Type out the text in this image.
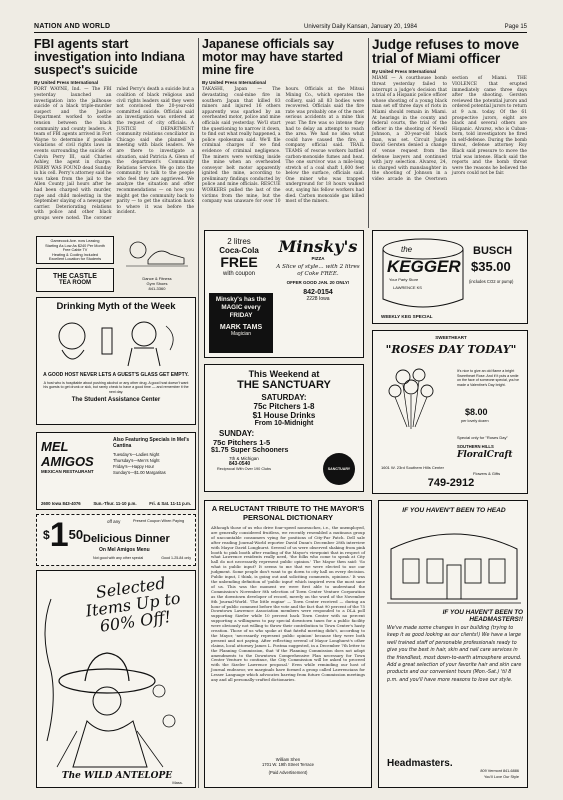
NATION AND WORLD	University Daily Kansan, January 20, 1984	Page 15
FBI agents start investigation into Indiana suspect's suicide
By United Press International
FORT WAYNE, Ind. — The FBI yesterday launched an investigation into the jailhouse suicide of a black triple-murder suspect and the Justice Department worked to soothe tension between the black community and county leaders. A team of FBI agents arrived in Fort Wayne to determine if possible violations of civil rights laws in events surrounding the suicide of Calvin Perry III, said Charles Ashley, the agent in charge. PERRY WAS FOUND dead Sunday in his cell. Perry's attorney said he was taken from the jail to the Allen County jail hours after he had been charged with murder, rape and child molesting in the September slaying of a newspaper carrier. Deteriorating relations with police and other black groups were noted. The coroner ruled Perry's death a suicide but a coalition of black religious and civil rights leaders said they were not convinced the 20-year-old committed suicide. Officials said an investigation was ordered at the request of city officials. A JUSTICE DEPARTMENT community relations conciliator in Chicago said she planned a meeting with black leaders. We are there to investigate a situation, said Patricia A. Glenn of the department's Community Relations Service. We go into the community to talk to the people who feel they are aggrieved. We analyze the situation and offer recommendations — on how you might get the community back to parity — to get the situation back to where it was before the incident.
Japanese officials say motor may have started mine fire
By United Press International
TAKASHI, Japan — The devastating coal-mine fire in southern Japan that killed 83 miners and injured 16 others apparently was sparked by an overheated motor, police and mine officials said yesterday. We'll start the questioning to narrow it down, to find out what really happened, a police spokesman said. We'll file criminal charges if we find evidence of criminal negligence. The miners were working inside the mine when an overheated conveyor belt motor apparently ignited the mine, according to preliminary findings conducted by police and mine officials. RESCUE WORKERS pulled the last of the victims from the mine, but the company was unaware for over 10 hours. Officials at the Mitsui Mining Co., which operates the colliery, said all 83 bodies were recovered. Officials said the fire rate was probably one of the most serious accidents at a mine this year. The fire was so intense they had to delay an attempt to reach the area. We had no idea what could have caused the fire, a company official said. TRAIL TEAMS of rescue workers battled carbon-monoxide fumes and heat. The one survivor was a mile-long stretch of a coal shaft 1,600 feet below the surface, officials said. One miner who was trapped underground for 18 hours walked out, saying his fellow workers had died. Carbon monoxide gas killed most of the miners.
Judge refuses to move trial of Miami officer
By United Press International
MIAMI — A courthouse bomb threat yesterday failed to interrupt a judge's decision that a trial of a Hispanic police officer whose shooting of a young black man set off three days of riots in Miami should remain in Miami. At hearings in the county and federal courts, the trial of the officer in the shooting of Nevell Johnson, a 20-year-old black man, was set. Circuit Judge David Gersten denied a change of venue request from the defense lawyers and continued with jury selection. Alvarez, 24, is charged with manslaughter in the shooting of Johnson in a video arcade in the Overtown section of Miami. THE VIOLENCE that erupted immediately came three days after the shooting. Gersten reviewed the potential jurors and ordered potential jurors to return at 9 a.m. today. Of the 61 prospective jurors, eight are black and several others are Hispanic. Alvarez, who is Cuban-born, told investigators he fired in self-defense. During the bomb threat, defense attorney Roy Black said pressure to move the trial was intense. Black said the reports and the bomb threat were the reasons he believed the jurors could not be fair.
Gamecock Ave. now Leasing
Starting As Low As $240 Per Month
Free Cable TV
Heating & Cooling Included
Excellent Location for Students
Dance & Fitness
Gym Shoes
841-3360
THE CASTLE
TEA ROOM
Drinking Myth of the Week
A GOOD HOST NEVER LETS A GUEST'S GLASS GET EMPTY.
A host who is hospitable about pushing alcohol or any other drug. A good host doesn't want his guests to get drunk or sick, but rarely check to have a good time — and remember it the next day.
The Student Assistance Center
MEL
AMIGOS
MEXICAN RESTAURANT
Also Featuring Specials in Mel's Cantina
Tuesday's—Ladies Night
Thursday's—Men's Night
Friday's—Happy Hour
Sunday's—$1.00 Margaritas
2600 Iowa 843-4076	Sun.-Thur. 11-10 p.m.	Fri. & Sat. 11-11 p.m.
$^{\$}1^{50}$
off any	Present Coupon When Paying
Delicious Dinner
On Mel Amigos Menu
Not good with any other special	Good 1-25-84 only
Selected Items Up to 60% Off!
The WILD ANTELOPE
Mass.
2 litres
Coca-Cola
FREE
with coupon
Minsky's
PIZZA
A Slice of style... with 2 litres of Coke FREE.
OFFER GOOD JAN. 20 ONLY!
842-0154
2228 Iowa
Minsky's has the MAGIC every FRIDAY
MARK TAMS
Magician
This Weekend at
THE SANCTUARY
SATURDAY:
75c Pitchers 1-8
$1 House Drinks
From 10-Midnight
SUNDAY:
75c Pitchers 1-5
$1.75 Super Schooners
7th & Michigan
843-0540
Reciprocal With Over 190 Clubs	SANCTUARY
A RELUCTANT TRIBUTE TO THE MAYOR'S PERSONAL DICTIONARY
Although those of us who drive four-speed nonesuches, i.e., the unemployed, are generally considered fruitless, we recently resembled a mutinous group of uncountable consumers vying for positions of City-Par Patch. Dell sale after reading Journal-World reporter David Dunn's December 28th interview with Mayor David Longhurst. Several of us were observed shaking from pink booth to pink booth after reading of the Mayor's viewpoint that in respect of what Lawrence residents really need, 'the folks who come to speak at City hall do not necessarily represent public opinion.' The Mayor then said: 'So what is public input? It seems to me that we were elected to use our judgment. Some people don't want to go down to city hall on every decision. Public input, I think, is going out and soliciting comments, opinions.' It was the unbending definition of 'public input' which inspired even the most sane of us. This was the moment we were first able to understand the Commission's November 8th selection of Town Center Venture Corporation as the downtown developer of record, merely on the word of the November 8th Journal-World. 'The little engine' — Town Center received — during an hour of public comment before the vote and the fact that 90 percent of the 75 Downtown Lawrence Association members were responded to a DLA poll supporting Sizeler while 10 percent back Town Center with no percent supporting a willingness to pay special downtown taxes for a public facility were obviously not willing to throw their contribution to Town Center's hasty creation. Those of us who spoke at that fateful meeting didn't, according to the Mayor, 'necessarily represent public opinion' because they were both present and not paying. After reflecting several of Mayor Longhurst's other claims, local attorney James L. Postma suggested, in a December 7th letter to the Planning Commission, that 'if the Planning Commission does not adopt amendments to the Downtown Comprehensive Plan necessary for Town Center Venture to continue, the City Commission will be asked to proceed with the Sizeler Lawrence proposal.' Even while reminding our host of Journal endeavor, we marginals have formed a group called Lawrencians for Lesser Language which advocates barring from future Commission meetings any and all personally-crafted dictionaries.
William Shen
1701 W. 19th Street Terrace
(Paid Advertisement)
the
KEGGER
Your Party Store
LAWRENCE KS
BUSCH
$35.00
(includes CO2 or pump)
WEEKLY KEG SPECIAL
SWEETHEART
"ROSES DAY TODAY"
It's nice to give an old flame a bright Sweetheart Rose. And if it puts a smile on the face of someone special, you've made a Valentine's Day bright.
$8.00
per lovely dozen
Special only for "Roses Day"
SOUTHERN HILLS
FloralCraft
1601 W. 23rd Southern Hills Center
Flowers & Gifts
749-2912
IF YOU HAVEN'T BEEN TO HEAD
IF YOU HAVEN'T BEEN TO HEADMASTERS!!
We've made some changes in our building (trying to keep it as good looking as our clients!) We have a large well trained staff of personable professionals ready to give you the best in hair, skin and nail care services in the friendliest, most down-to-earth atmosphere around. Add a great selection of your favorite hair and skin care products and our convenient hours (Mon.-Sat.) 'til 8 p.m. and you'll have more reasons to love our style.
Headmasters.
809 Vermont 841-6886
You'll Love Our Style
